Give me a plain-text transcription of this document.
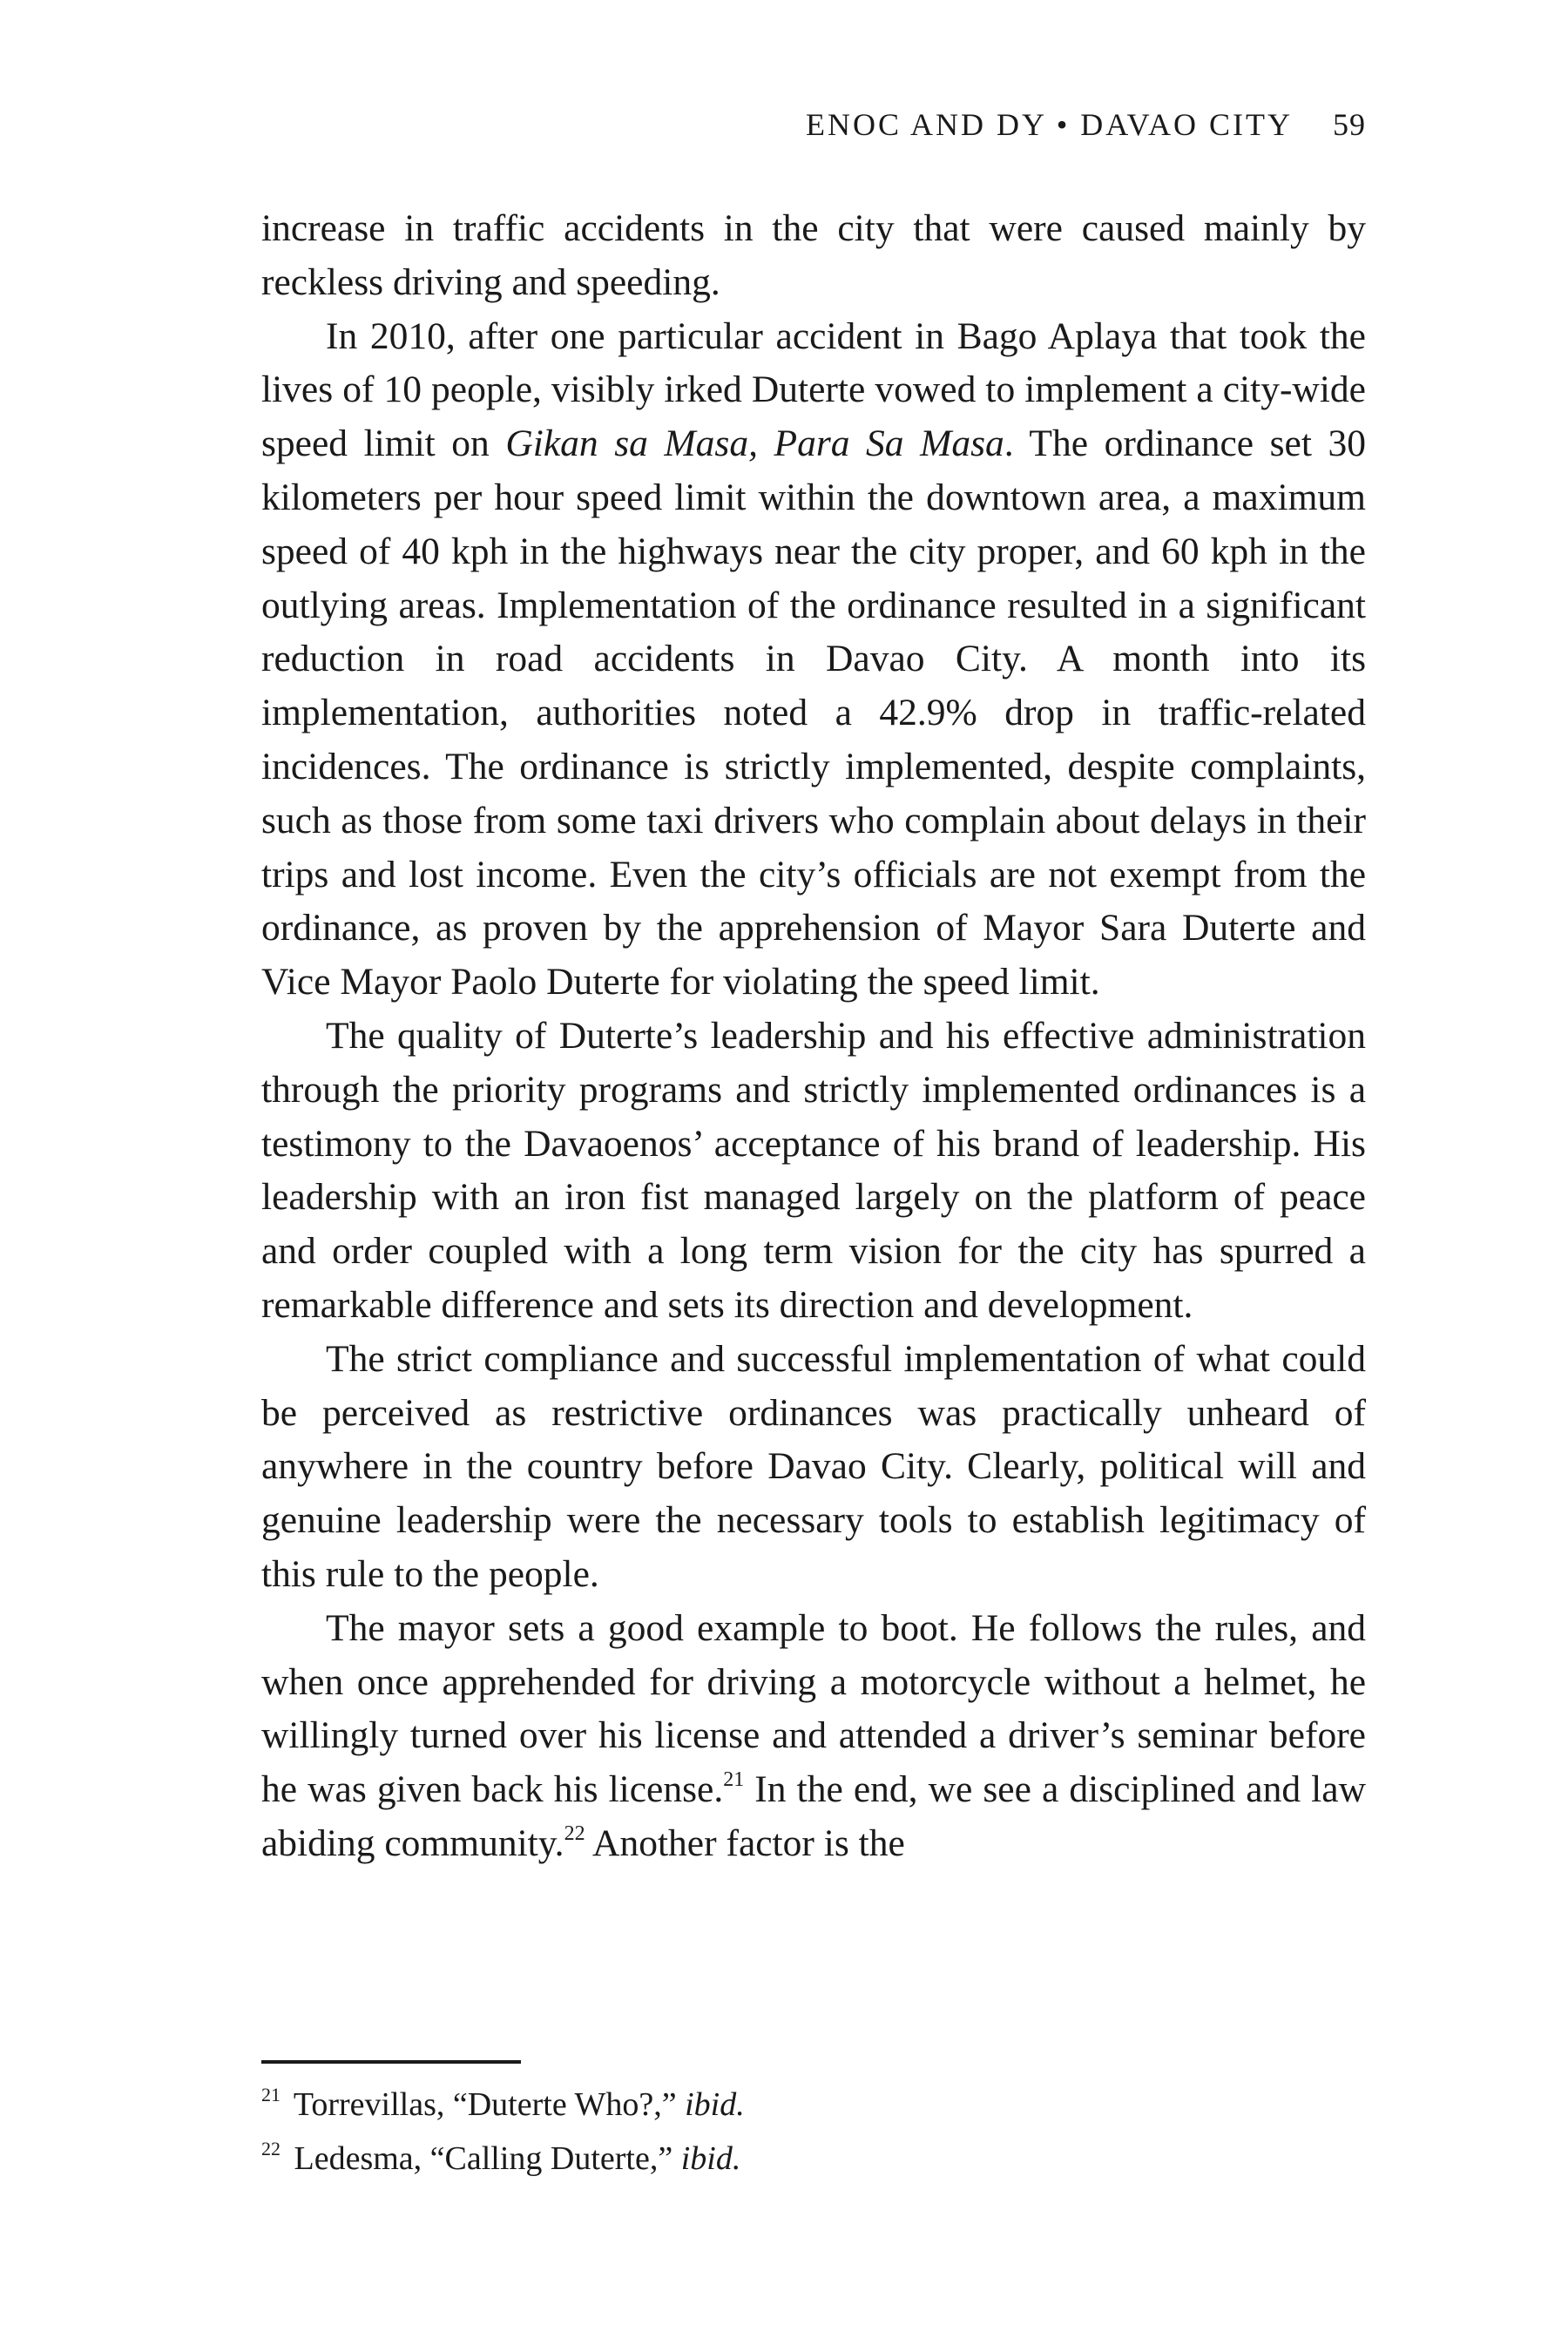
ENOC AND DY • DAVAO CITY 59

increase in traffic accidents in the city that were caused mainly by reckless driving and speeding.

In 2010, after one particular accident in Bago Aplaya that took the lives of 10 people, visibly irked Duterte vowed to implement a city-wide speed limit on Gikan sa Masa, Para Sa Masa. The ordinance set 30 kilometers per hour speed limit within the downtown area, a maximum speed of 40 kph in the highways near the city proper, and 60 kph in the outlying areas. Implementation of the ordinance resulted in a significant reduction in road accidents in Davao City. A month into its implementation, authorities noted a 42.9% drop in traffic-related incidences. The ordinance is strictly implemented, despite complaints, such as those from some taxi drivers who complain about delays in their trips and lost income. Even the city’s officials are not exempt from the ordinance, as proven by the apprehension of Mayor Sara Duterte and Vice Mayor Paolo Duterte for violating the speed limit.

The quality of Duterte’s leadership and his effective administration through the priority programs and strictly implemented ordinances is a testimony to the Davaoenos’ acceptance of his brand of leadership. His leadership with an iron fist managed largely on the platform of peace and order coupled with a long term vision for the city has spurred a remarkable difference and sets its direction and development.

The strict compliance and successful implementation of what could be perceived as restrictive ordinances was practically unheard of anywhere in the country before Davao City. Clearly, political will and genuine leadership were the necessary tools to establish legitimacy of this rule to the people.

The mayor sets a good example to boot. He follows the rules, and when once apprehended for driving a motorcycle without a helmet, he willingly turned over his license and attended a driver’s seminar before he was given back his license.$^{21}$ In the end, we see a disciplined and law abiding community.$^{22}$ Another factor is the

$^{21}$ Torrevillas, “Duterte Who?,” ibid.

$^{22}$ Ledesma, “Calling Duterte,” ibid.
